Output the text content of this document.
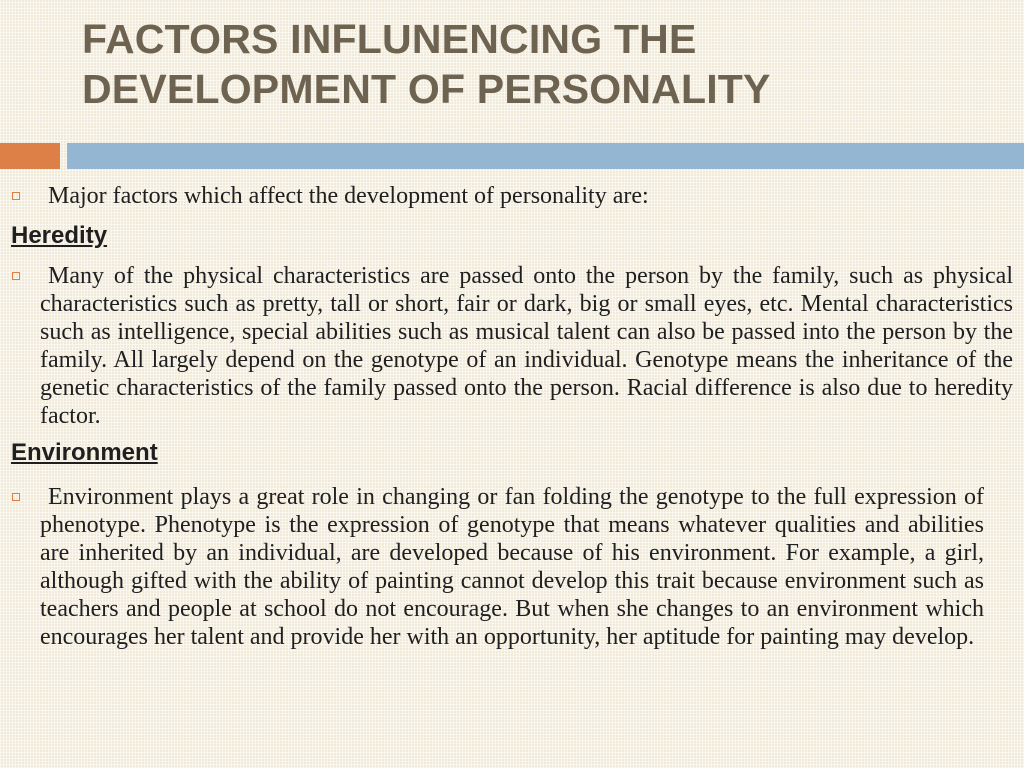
FACTORS INFLUNENCING THE
DEVELOPMENT OF PERSONALITY
Major factors which affect the development of personality are:
Heredity
Many of the physical characteristics are passed onto the person by the family, such as physical characteristics such as pretty, tall or short, fair or dark, big or small eyes, etc. Mental characteristics such as intelligence, special abilities such as musical talent can also be passed into the person by the family. All largely depend on the genotype of an individual. Genotype means the inheritance of the genetic characteristics of the family passed onto the person. Racial difference is also due to heredity factor.
Environment
Environment plays a great role in changing or fan folding the genotype to the full expression of phenotype. Phenotype is the expression of genotype that means whatever qualities and abilities are inherited by an individual, are developed because of his environment. For example, a girl, although gifted with the ability of painting cannot develop this trait because environment such as teachers and people at school do not encourage. But when she changes to an environment which encourages her talent and provide her with an opportunity, her aptitude for painting may develop.
